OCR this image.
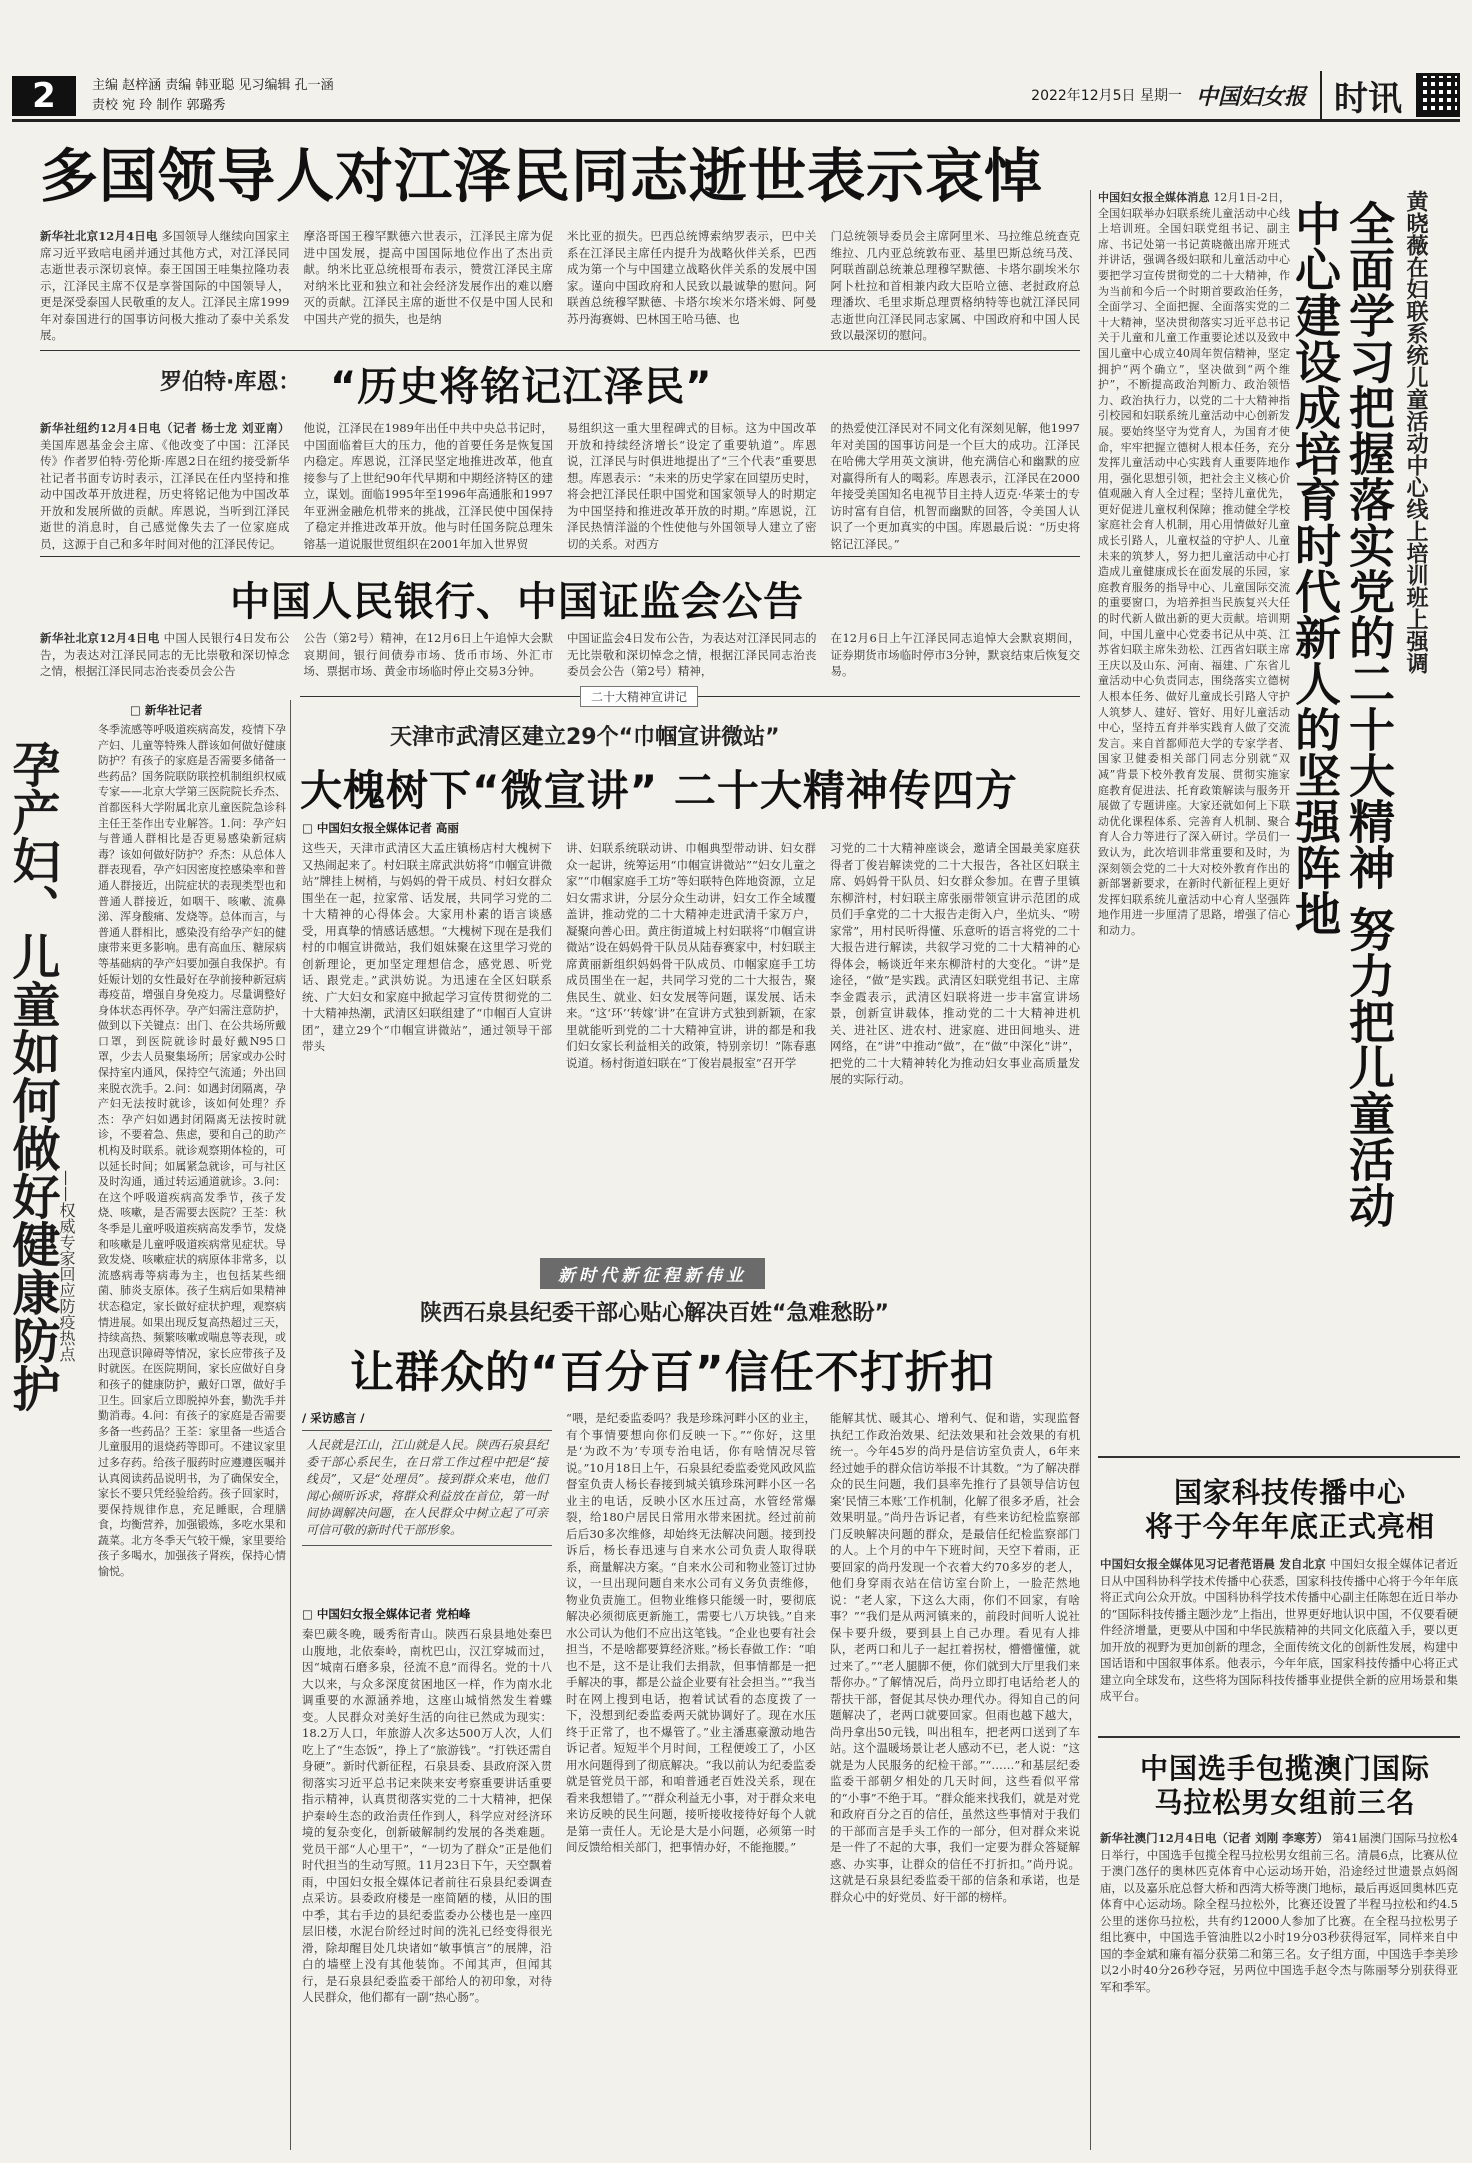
2	主编 赵梓涵 责编 韩亚聪 见习编辑 孔一涵
责校 宛 玲 制作 郭璐秀
2022年12月5日 星期一 中国妇女报 时讯
多国领导人对江泽民同志逝世表示哀悼
新华社北京12月4日电 多国领导人继续向国家主席习近平致唁电函并通过其他方式，对江泽民同志逝世表示深切哀悼。泰王国国王哇集拉隆功表示，江泽民主席不仅是享誉国际的中国领导人，更是深受泰国人民敬重的友人。江泽民主席1999年对泰国进行的国事访问极大推动了泰中关系发展。
摩洛哥国王穆罕默德六世表示，江泽民主席为促进中国发展，提高中国国际地位作出了杰出贡献。纳米比亚总统根哥布表示，赞赏江泽民主席对纳米比亚和独立和社会经济发展作出的难以磨灭的贡献。江泽民主席的逝世不仅是中国人民和中国共产党的损失，也是纳
米比亚的损失。巴西总统博索纳罗表示，巴中关系在江泽民主席任内提升为战略伙伴关系，巴西成为第一个与中国建立战略伙伴关系的发展中国家。谨向中国政府和人民致以最诚挚的慰问。阿联酋总统穆罕默德、卡塔尔埃米尔塔米姆、阿曼苏丹海赛姆、巴林国王哈马德、也
门总统领导委员会主席阿里米、马拉维总统查克维拉、几内亚总统敦布亚、基里巴斯总统马茂、阿联酋副总统兼总理穆罕默德、卡塔尔副埃米尔阿卜杜拉和首相兼内政大臣哈立德、老挝政府总理潘坎、毛里求斯总理贾格纳特等也就江泽民同志逝世向江泽民同志家属、中国政府和中国人民致以最深切的慰问。
罗伯特·库恩： “历史将铭记江泽民”
新华社纽约12月4日电（记者 杨士龙 刘亚南） 美国库恩基金会主席、《他改变了中国：江泽民传》作者罗伯特·劳伦斯·库恩2日在纽约接受新华社记者书面专访时表示，江泽民在任内坚持和推动中国改革开放进程，历史将铭记他为中国改革开放和发展所做的贡献。库恩说，当听到江泽民逝世的消息时，自己感觉像失去了一位家庭成员，这源于自己和多年时间对他的江泽民传记。
他说，江泽民在1989年出任中共中央总书记时，中国面临着巨大的压力，他的首要任务是恢复国内稳定。库恩说，江泽民坚定地推进改革，他直接参与了上世纪90年代早期和中期经济特区的建立，谋划。面临1995年至1996年高通胀和1997年亚洲金融危机带来的挑战，江泽民使中国保持了稳定并推进改革开放。他与时任国务院总理朱镕基一道说服世贸组织在2001年加入世界贸
易组织这一重大里程碑式的目标。这为中国改革开放和持续经济增长“设定了重要轨道”。库恩说，江泽民与时俱进地提出了“三个代表”重要思想。库恩表示：“未来的历史学家在回望历史时，将会把江泽民任职中国党和国家领导人的时期定为中国坚持和推进改革开放的时期。”库恩说，江泽民热情洋溢的个性使他与外国领导人建立了密切的关系。对西方
的热爱使江泽民对不同文化有深刻见解，他1997年对美国的国事访问是一个巨大的成功。江泽民在哈佛大学用英文演讲，他充满信心和幽默的应对赢得所有人的喝彩。库恩表示，江泽民在2000年接受美国知名电视节目主持人迈克·华莱士的专访时富有自信，机智而幽默的回答，令美国人认识了一个更加真实的中国。库恩最后说：“历史将铭记江泽民。”
中国人民银行、中国证监会公告
新华社北京12月4日电 中国人民银行4日发布公告，为表达对江泽民同志的无比崇敬和深切悼念之情，根据江泽民同志治丧委员会公告
公告（第2号）精神，在12月6日上午追悼大会默哀期间，银行间债券市场、货币市场、外汇市场、票据市场、黄金市场临时停止交易3分钟。
中国证监会4日发布公告，为表达对江泽民同志的无比崇敬和深切悼念之情，根据江泽民同志治丧委员会公告（第2号）精神，
在12月6日上午江泽民同志追悼大会默哀期间，证券期货市场临时停市3分钟，默哀结束后恢复交易。
二十大精神宣讲记
孕产妇、儿童如何做好健康防护
——权威专家回应防疫热点
□ 新华社记者
冬季流感等呼吸道疾病高发，疫情下孕产妇、儿童等特殊人群该如何做好健康防护？有孩子的家庭是否需要多储备一些药品？国务院联防联控机制组织权威专家——北京大学第三医院院长乔杰、首都医科大学附属北京儿童医院急诊科主任王荃作出专业解答。1.问：孕产妇与普通人群相比是否更易感染新冠病毒？该如何做好防护？乔杰：从总体人群表现看，孕产妇因密度控感染率和普通人群接近，出院症状的表现类型也和普通人群接近，如咽干、咳嗽、流鼻涕、浑身酸痛、发烧等。总体而言，与普通人群相比，感染没有给孕产妇的健康带来更多影响。患有高血压、糖尿病等基础病的孕产妇要加强自我保护。有妊娠计划的女性最好在孕前接种新冠病毒疫苗，增强自身免疫力。尽量调整好身体状态再怀孕。孕产妇需注意防护，做到以下关键点：出门、在公共场所戴口罩，到医院就诊时最好戴N95口罩，少去人员聚集场所；居家或办公时保持室内通风，保持空气流通；外出回来脱衣洗手。2.问：如遇封闭隔离，孕产妇无法按时就诊，该如何处理？乔杰：孕产妇如遇封闭隔离无法按时就诊，不要着急、焦虑，要和自己的助产机构及时联系。就诊观察期体检的，可以延长时间；如属紧急就诊，可与社区及时沟通，通过转运通道就诊。3.问：在这个呼吸道疾病高发季节，孩子发烧、咳嗽，是否需要去医院？王荃：秋冬季是儿童呼吸道疾病高发季节，发烧和咳嗽是儿童呼吸道疾病常见症状。导致发烧、咳嗽症状的病原体非常多，以流感病毒等病毒为主，也包括某些细菌、肺炎支原体。孩子生病后如果精神状态稳定，家长做好症状护理，观察病情进展。如果出现反复高热超过三天，持续高热、频繁咳嗽或喘息等表现，或出现意识障碍等情况，家长应带孩子及时就医。在医院期间，家长应做好自身和孩子的健康防护，戴好口罩，做好手卫生。回家后立即脱掉外套，勤洗手并勤消毒。4.问：有孩子的家庭是否需要多备一些药品？王荃：家里备一些适合儿童服用的退烧药等即可。不建议家里过多存药。给孩子服药时应遵遵医嘱并认真阅读药品说明书，为了确保安全，家长不要只凭经验给药。孩子回家时，要保持规律作息，充足睡眠，合理膳食，均衡营养，加强锻炼，多吃水果和蔬菜。北方冬季天气较干燥，家里要给孩子多喝水，加强孩子肾疾，保持心情愉悦。
天津市武清区建立29个“巾帼宣讲微站”
大槐树下“微宣讲” 二十大精神传四方
□ 中国妇女报全媒体记者 高丽
这些天，天津市武清区大孟庄镇杨店村大槐树下又热闹起来了。村妇联主席武洪妨将“巾帼宣讲微站”牌挂上树梢，与妈妈的骨干成员、村妇女群众围坐在一起，拉家常、话发展，共同学习党的二十大精神的心得体会。大家用朴素的语言谈感受，用真挚的情感话感想。“大槐树下现在是我们村的巾帼宣讲微站，我们姐妹聚在这里学习党的创新理论，更加坚定理想信念，感党恩、听党话、跟党走。”武洪妨说。为迅速在全区妇联系统、广大妇女和家庭中掀起学习宣传贯彻党的二十大精神热潮，武清区妇联组建了“巾帼百人宣讲团”，建立29个“巾帼宣讲微站”，通过领导干部带头
讲、妇联系统联动讲、巾帼典型带动讲、妇女群众一起讲，统筹运用“巾帼宣讲微站”“妇女儿童之家”“巾帼家庭手工坊”等妇联特色阵地资源，立足妇女需求讲，分层分众生动讲，妇女工作全域覆盖讲，推动党的二十大精神走进武清千家万户，凝聚向善心田。黄庄街道城上村妇联将“巾帼宣讲微站”设在妈妈骨干队员从陆春赛家中，村妇联主席黄丽新组织妈妈骨干队成员、巾帼家庭手工坊成员围坐在一起，共同学习党的二十大报告，聚焦民生、就业、妇女发展等问题，谋发展、话未来。“这‘环’‘转嫁’讲”在宣讲方式独到新颖，在家里就能听到党的二十大精神宣讲，讲的都是和我们妇女家长利益相关的政策，特别亲切！”陈春惠说道。杨村街道妇联在“丁俊岩晨报室”召开学
习党的二十大精神座谈会，邀请全国最美家庭获得者丁俊岩解读党的二十大报告，各社区妇联主席、妈妈骨干队员、妇女群众参加。在曹子里镇东柳浒村，村妇联主席张丽带领宣讲示范团的成员们手拿党的二十大报告走街入户，坐炕头、“唠家常”，用村民听得懂、乐意听的语言将党的二十大报告进行解读，共叙学习党的二十大精神的心得体会，畅谈近年来东柳浒村的大变化。“讲”是途径，“做”是实践。武清区妇联党组书记、主席李金霞表示，武清区妇联将进一步丰富宣讲场景，创新宣讲载体，推动党的二十大精神进机关、进社区、进农村、进家庭、进田间地头、进网络，在“讲”中推动“做”，在“做”中深化“讲”，把党的二十大精神转化为推动妇女事业高质量发展的实际行动。
新时代新征程新伟业
陕西石泉县纪委干部心贴心解决百姓“急难愁盼”
让群众的“百分百”信任不打折扣
/ 采访感言 /
人民就是江山，江山就是人民。陕西石泉县纪委干部心系民生，在日常工作过程中把是“接线员”，又是“处理员”。接到群众来电，他们闻心倾听诉求，将群众利益放在首位，第一时间协调解决问题，在人民群众中树立起了可亲可信可敬的新时代干部形象。
□ 中国妇女报全媒体记者 党柏峰
秦巴蕨冬晚，暖秀衔青山。陕西石泉县地处秦巴山腹地，北依秦岭，南枕巴山，汉江穿城而过，因“城南石磨多泉，径流不息”而得名。党的十八大以来，与众多深度贫困地区一样，作为南水北调重要的水源涵养地，这座山城悄然发生着蝶变。人民群众对美好生活的向往已然成为现实：18.2万人口，年旅游人次多达500万人次，人们吃上了“生态饭”，挣上了“旅游钱”。“打铁还需自身硬”。新时代新征程，石泉县委、县政府深入贯彻落实习近平总书记来陕来安考察重要讲话重要指示精神，认真贯彻落实党的二十大精神，把保护秦岭生态的政治责任作到人，科学应对经济环境的复杂变化，创新破解制约发展的各类难题。党员干部“人心里干”，“一切为了群众”正是他们时代担当的生动写照。11月23日下午，天空飘着雨，中国妇女报全媒体记者前往石泉县纪委调查点采访。县委政府楼是一座简陋的楼，从旧的围中季，其右手边的县纪委监委办公楼也是一座四层旧楼，水泥台阶经过时间的洗礼已经变得很光滑，除却醒目处几块诸如“敏事慎言”的展牌，沿白的墙壁上没有其他装饰。不闻其声，但闻其行，是石泉县纪委监委干部给人的初印象，对待人民群众，他们都有一副“热心肠”。
“喂，是纪委监委吗？我是珍珠河畔小区的业主，有个事情要想向你们反映一下。”“你好，这里是‘为政不为’专项专治电话，你有啥情况尽管说。”10月18日上午，石泉县纪委监委党风政风监督室负责人杨长春接到城关镇珍珠河畔小区一名业主的电话，反映小区水压过高，水管经常爆裂，给180户居民日常用水带来困扰。经过前前后后30多次维修，却始终无法解决问题。接到投诉后，杨长春迅速与自来水公司负责人取得联系，商量解决方案。“自来水公司和物业签订过协议，一旦出现问题自来水公司有义务负责维修，物业负责施工。但物业维修只能缓一时，要彻底解决必须彻底更新施工，需要七八万块钱。”自来水公司认为他们不应出这笔钱。“企业也要有社会担当，不是啥都要算经济账。”杨长春做工作：“咱也不是，这不是让我们去捐款，但事情都是一把手解决的事，都是公益企业要有社会担当。”“我当时在网上搜到电话，抱着试试看的态度拨了一下，没想到纪委监委两天就协调好了。现在水压终于正常了，也不爆管了。”业主潘惠豪激动地告诉记者。短短半个月时间，工程便竣工了，小区用水问题得到了彻底解决。“我以前认为纪委监委就是管党员干部，和咱普通老百姓没关系，现在看来我想错了。”“群众利益无小事，对于群众来电来访反映的民生问题，接听接收接待好每个人就是第一责任人。无论是大是小问题，必须第一时间反馈给相关部门，把事情办好，不能拖腰。”
能解其忧、暖其心、增利气、促和谐，实现监督执纪工作政治效果、纪法效果和社会效果的有机统一。今年45岁的尚丹是信访室负责人，6年来经过她手的群众信访举报不计其数。“为了解决群众的民生问题，我们县率先推行了县领导信访包案‘民情三本账’工作机制，化解了很多矛盾，社会效果明显。”尚丹告诉记者，有些来访纪检监察部门反映解决问题的群众，是最信任纪检监察部门的人。上个月的中午下班时间，天空下着雨，正要回家的尚丹发现一个衣着大约70多岁的老人，他们身穿雨衣站在信访室台阶上，一脸茫然地说：“老人家，下这么大雨，你们不回家，有啥事？”“我们是从两河镇来的，前段时间听人说社保卡要升级，要到县上自己办理。看见有人排队，老两口和儿子一起扛着拐杖，懵懵懂懂，就过来了。”“老人腿脚不便，你们就到大厅里我们来帮你办。”了解情况后，尚丹立即打电话给老人的帮扶干部，督促其尽快办理代办。得知自己的问题解决了，老两口就要回家。但雨也越下越大，尚丹拿出50元钱，叫出租车，把老两口送到了车站。这个温暖场景让老人感动不已，老人说：“这就是为人民服务的纪检干部。”“……”和基层纪委监委干部朝夕相处的几天时间，这些看似平常的“小事”不绝于耳。“群众能来找我们，就是对党和政府百分之百的信任，虽然这些事情对于我们的干部而言是手头工作的一部分，但对群众来说是一件了不起的大事，我们一定要为群众答疑解惑、办实事，让群众的信任不打折扣。”尚丹说。这就是石泉县纪委监委干部的信条和承诺，也是群众心中的好党员、好干部的榜样。
黄晓薇在妇联系统儿童活动中心线上培训班上强调
全面学习把握落实党的二十大精神 努力把儿童活动中心建设成培育时代新人的坚强阵地
中国妇女报全媒体消息 12月1日-2日，全国妇联举办妇联系统儿童活动中心线上培训班。全国妇联党组书记、副主席、书记处第一书记黄晓薇出席开班式并讲话，强调各级妇联和儿童活动中心要把学习宣传贯彻党的二十大精神，作为当前和今后一个时期首要政治任务，全面学习、全面把握、全面落实党的二十大精神，坚决贯彻落实习近平总书记关于儿童和儿童工作重要论述以及致中国儿童中心成立40周年贺信精神，坚定拥护“两个确立”，坚决做到“两个维护”，不断提高政治判断力、政治领悟力、政治执行力，以党的二十大精神指引校园和妇联系统儿童活动中心创新发展。要始终坚守为党育人，为国育才使命，牢牢把握立德树人根本任务，充分发挥儿童活动中心实践育人重要阵地作用，强化思想引领，把社会主义核心价值观融入育人全过程；坚持儿童优先，更好促进儿童权利保障；推动健全学校家庭社会育人机制，用心用情做好儿童成长引路人，儿童权益的守护人、儿童未来的筑梦人，努力把儿童活动中心打造成儿童健康成长在面发展的乐园，家庭教育服务的指导中心、儿童国际交流的重要窗口，为培养担当民族复兴大任的时代新人做出新的更大贡献。培训期间，中国儿童中心党委书记从中英、江苏省妇联主席朱劲松、江西省妇联主席王庆以及山东、河南、福建、广东省儿童活动中心负责同志，围绕落实立德树人根本任务、做好儿童成长引路人守护人筑梦人、建好、管好、用好儿童活动中心，坚持五育并举实践育人做了交流发言。来自首都师范大学的专家学者、国家卫健委相关部门同志分别就“双减”背景下校外教育发展、贯彻实施家庭教育促进法、托育政策解读与服务开展做了专题讲座。大家还就如何上下联动优化课程体系、完善育人机制、聚合育人合力等进行了深入研讨。学员们一致认为，此次培训非常重要和及时，为深刻领会党的二十大对校外教育作出的新部署新要求，在新时代新征程上更好发挥妇联系统儿童活动中心育人坚强阵地作用进一步厘清了思路，增强了信心和动力。
国家科技传播中心
将于今年年底正式亮相
中国妇女报全媒体见习记者范语晨 发自北京 中国妇女报全媒体记者近日从中国科协科学技术传播中心获悉，国家科技传播中心将于今年年底将正式向公众开放。中国科协科学技术传播中心副主任陈恕在近日举办的“国际科技传播主题沙龙”上指出，世界更好地认识中国，不仅要看硬件经济增量，更要从中国和中华民族精神的共同文化底蕴入手，要以更加开放的视野为更加创新的理念，全面传统文化的创新性发展，构建中国话语和中国叙事体系。他表示，今年年底，国家科技传播中心将正式建立向全球发布，这些将为国际科技传播事业提供全新的应用场景和集成平台。
中国选手包揽澳门国际
马拉松男女组前三名
新华社澳门12月4日电（记者 刘刚 李寒芳） 第41届澳门国际马拉松4日举行，中国选手包揽全程马拉松男女组前三名。清晨6点，比赛从位于澳门氹仔的奥林匹克体育中心运动场开始，沿途经过世遗景点妈阁庙，以及嘉乐庇总督大桥和西湾大桥等澳门地标，最后再返回奥林匹克体育中心运动场。除全程马拉松外，比赛还设置了半程马拉松和约4.5公里的迷你马拉松，共有约12000人参加了比赛。在全程马拉松男子组比赛中，中国选手管油胜以2小时19分03秒获得冠军，同样来自中国的李金斌和廉有福分获第二和第三名。女子组方面，中国选手李美珍以2小时40分26秒夺冠，另两位中国选手赵令杰与陈丽琴分别获得亚军和季军。
